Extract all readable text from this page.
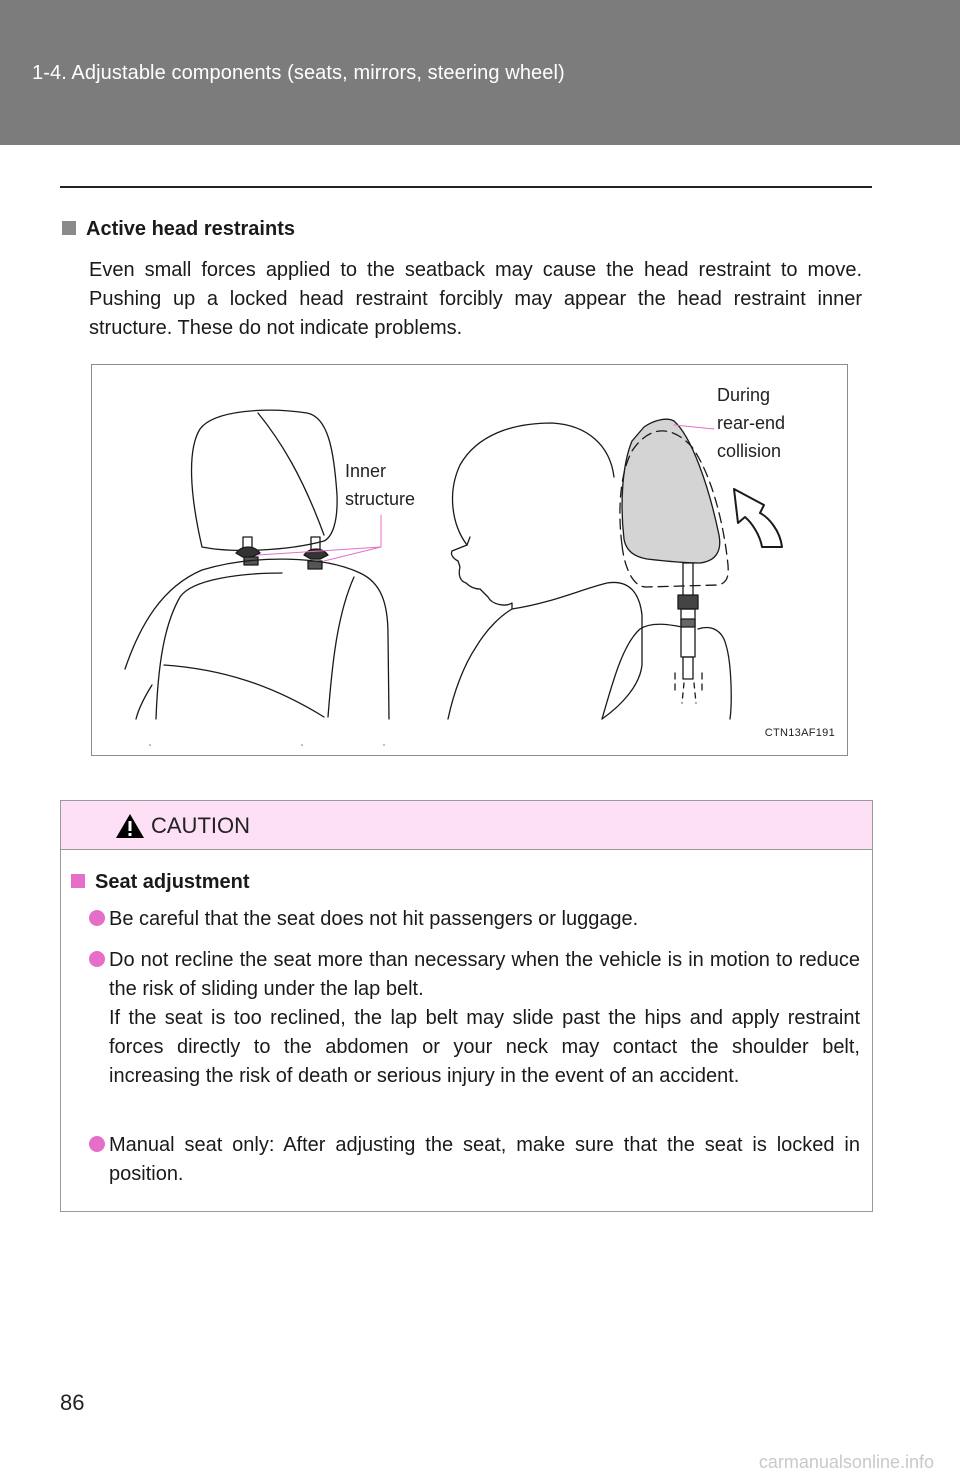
1-4. Adjustable components (seats, mirrors, steering wheel)
Active head restraints
Even small forces applied to the seatback may cause the head restraint to move. Pushing up a locked head restraint forcibly may appear the head restraint inner structure. These do not indicate problems.
Inner
structure
During
rear-end
collision
CTN13AF191
CAUTION
Seat adjustment
Be careful that the seat does not hit passengers or luggage.
Do not recline the seat more than necessary when the vehicle is in motion to reduce the risk of sliding under the lap belt.
If the seat is too reclined, the lap belt may slide past the hips and apply restraint forces directly to the abdomen or your neck may contact the shoulder belt, increasing the risk of death or serious injury in the event of an accident.
Manual seat only: After adjusting the seat, make sure that the seat is locked in position.
86
carmanualsonline.info
